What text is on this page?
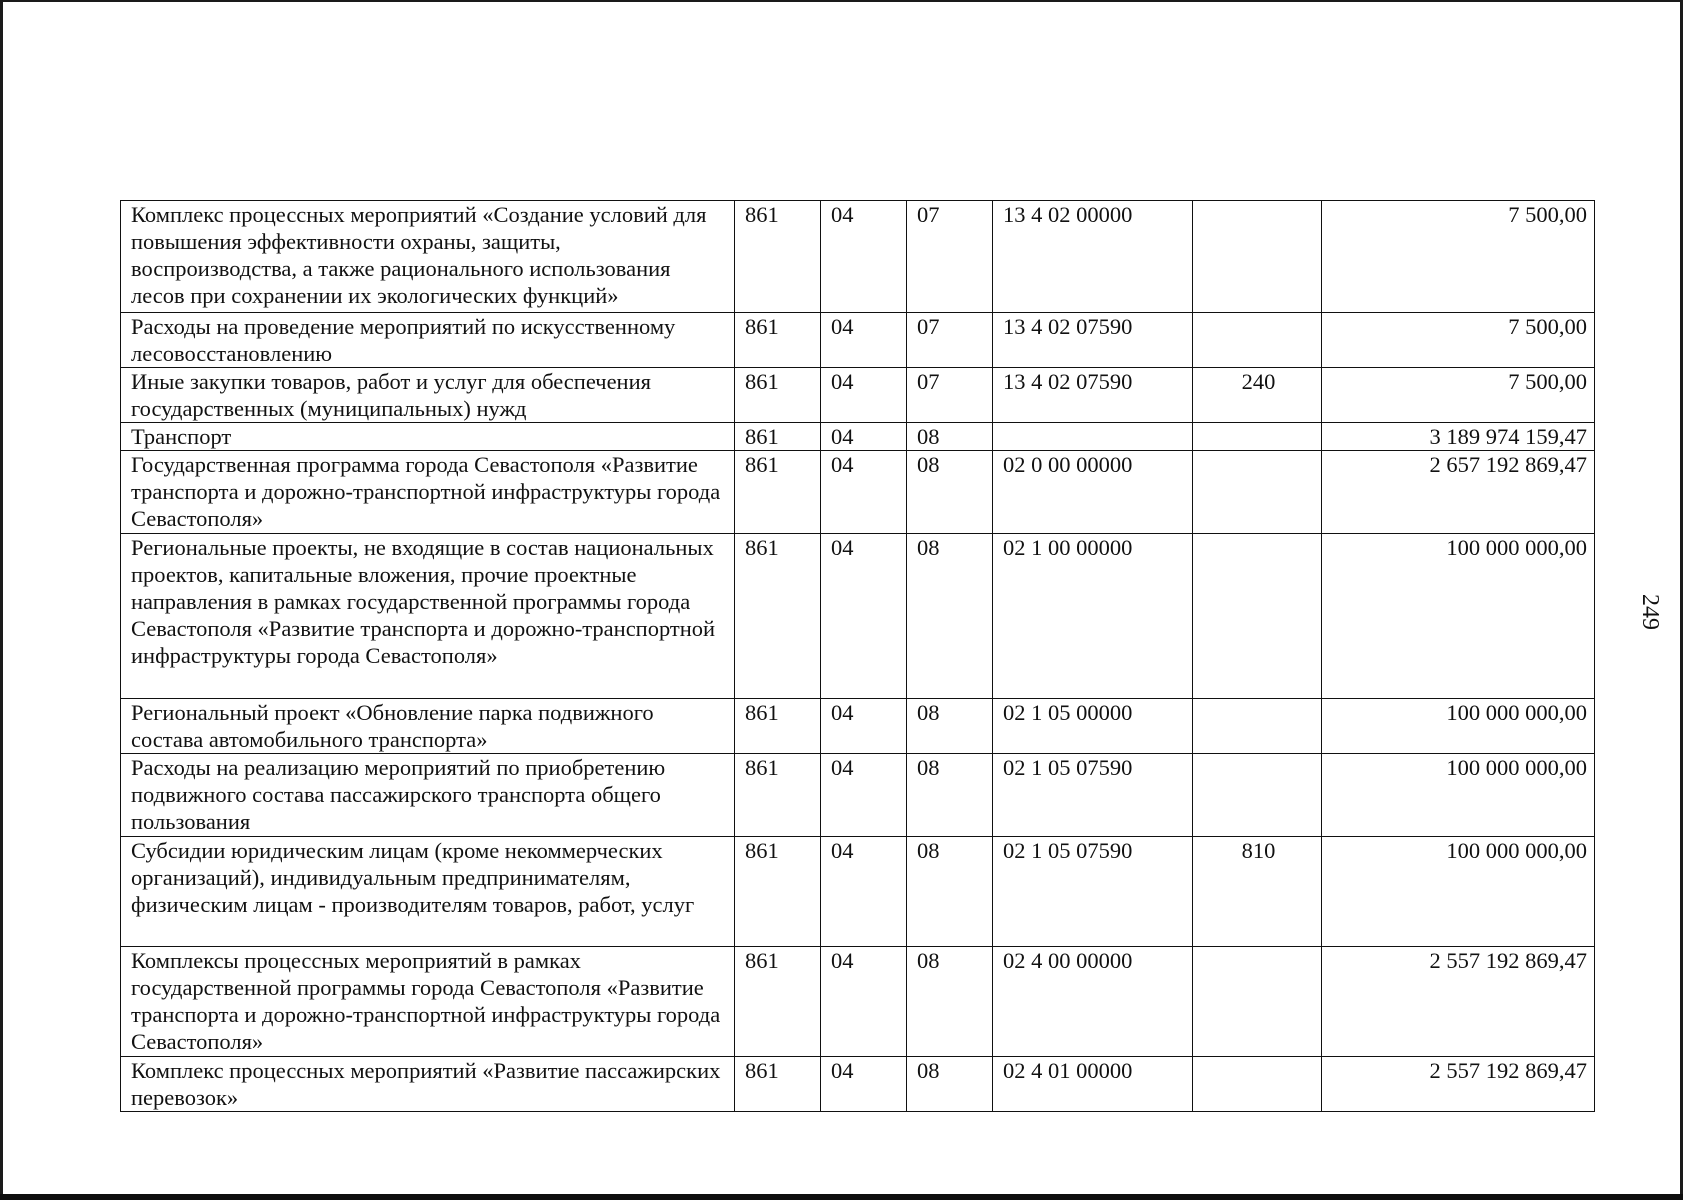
249
Комплекс процессных мероприятий «Создание условий для повышения эффективности охраны, защиты, воспроизводства, а также рационального использования лесов при сохранении их экологических функций»	861	04	07	13 4 02 00000		7 500,00
Расходы на проведение мероприятий по искусственному лесовосстановлению	861	04	07	13 4 02 07590		7 500,00
Иные закупки товаров, работ и услуг для обеспечения государственных (муниципальных) нужд	861	04	07	13 4 02 07590	240	7 500,00
Транспорт	861	04	08			3 189 974 159,47
Государственная программа города Севастополя «Развитие транспорта и дорожно-транспортной инфраструктуры города Севастополя»	861	04	08	02 0 00 00000		2 657 192 869,47
Региональные проекты, не входящие в состав национальных проектов, капитальные вложения, прочие проектные направления в рамках государственной программы города Севастополя «Развитие транспорта и дорожно-транспортной инфраструктуры города Севастополя»	861	04	08	02 1 00 00000		100 000 000,00
Региональный проект «Обновление парка подвижного состава автомобильного транспорта»	861	04	08	02 1 05 00000		100 000 000,00
Расходы на реализацию мероприятий по приобретению подвижного состава пассажирского транспорта общего пользования	861	04	08	02 1 05 07590		100 000 000,00
Субсидии юридическим лицам (кроме некоммерческих организаций), индивидуальным предпринимателям, физическим лицам - производителям товаров, работ, услуг	861	04	08	02 1 05 07590	810	100 000 000,00
Комплексы процессных мероприятий в рамках государственной программы города Севастополя «Развитие транспорта и дорожно-транспортной инфраструктуры города Севастополя»	861	04	08	02 4 00 00000		2 557 192 869,47
Комплекс процессных мероприятий «Развитие пассажирских перевозок»	861	04	08	02 4 01 00000		2 557 192 869,47
